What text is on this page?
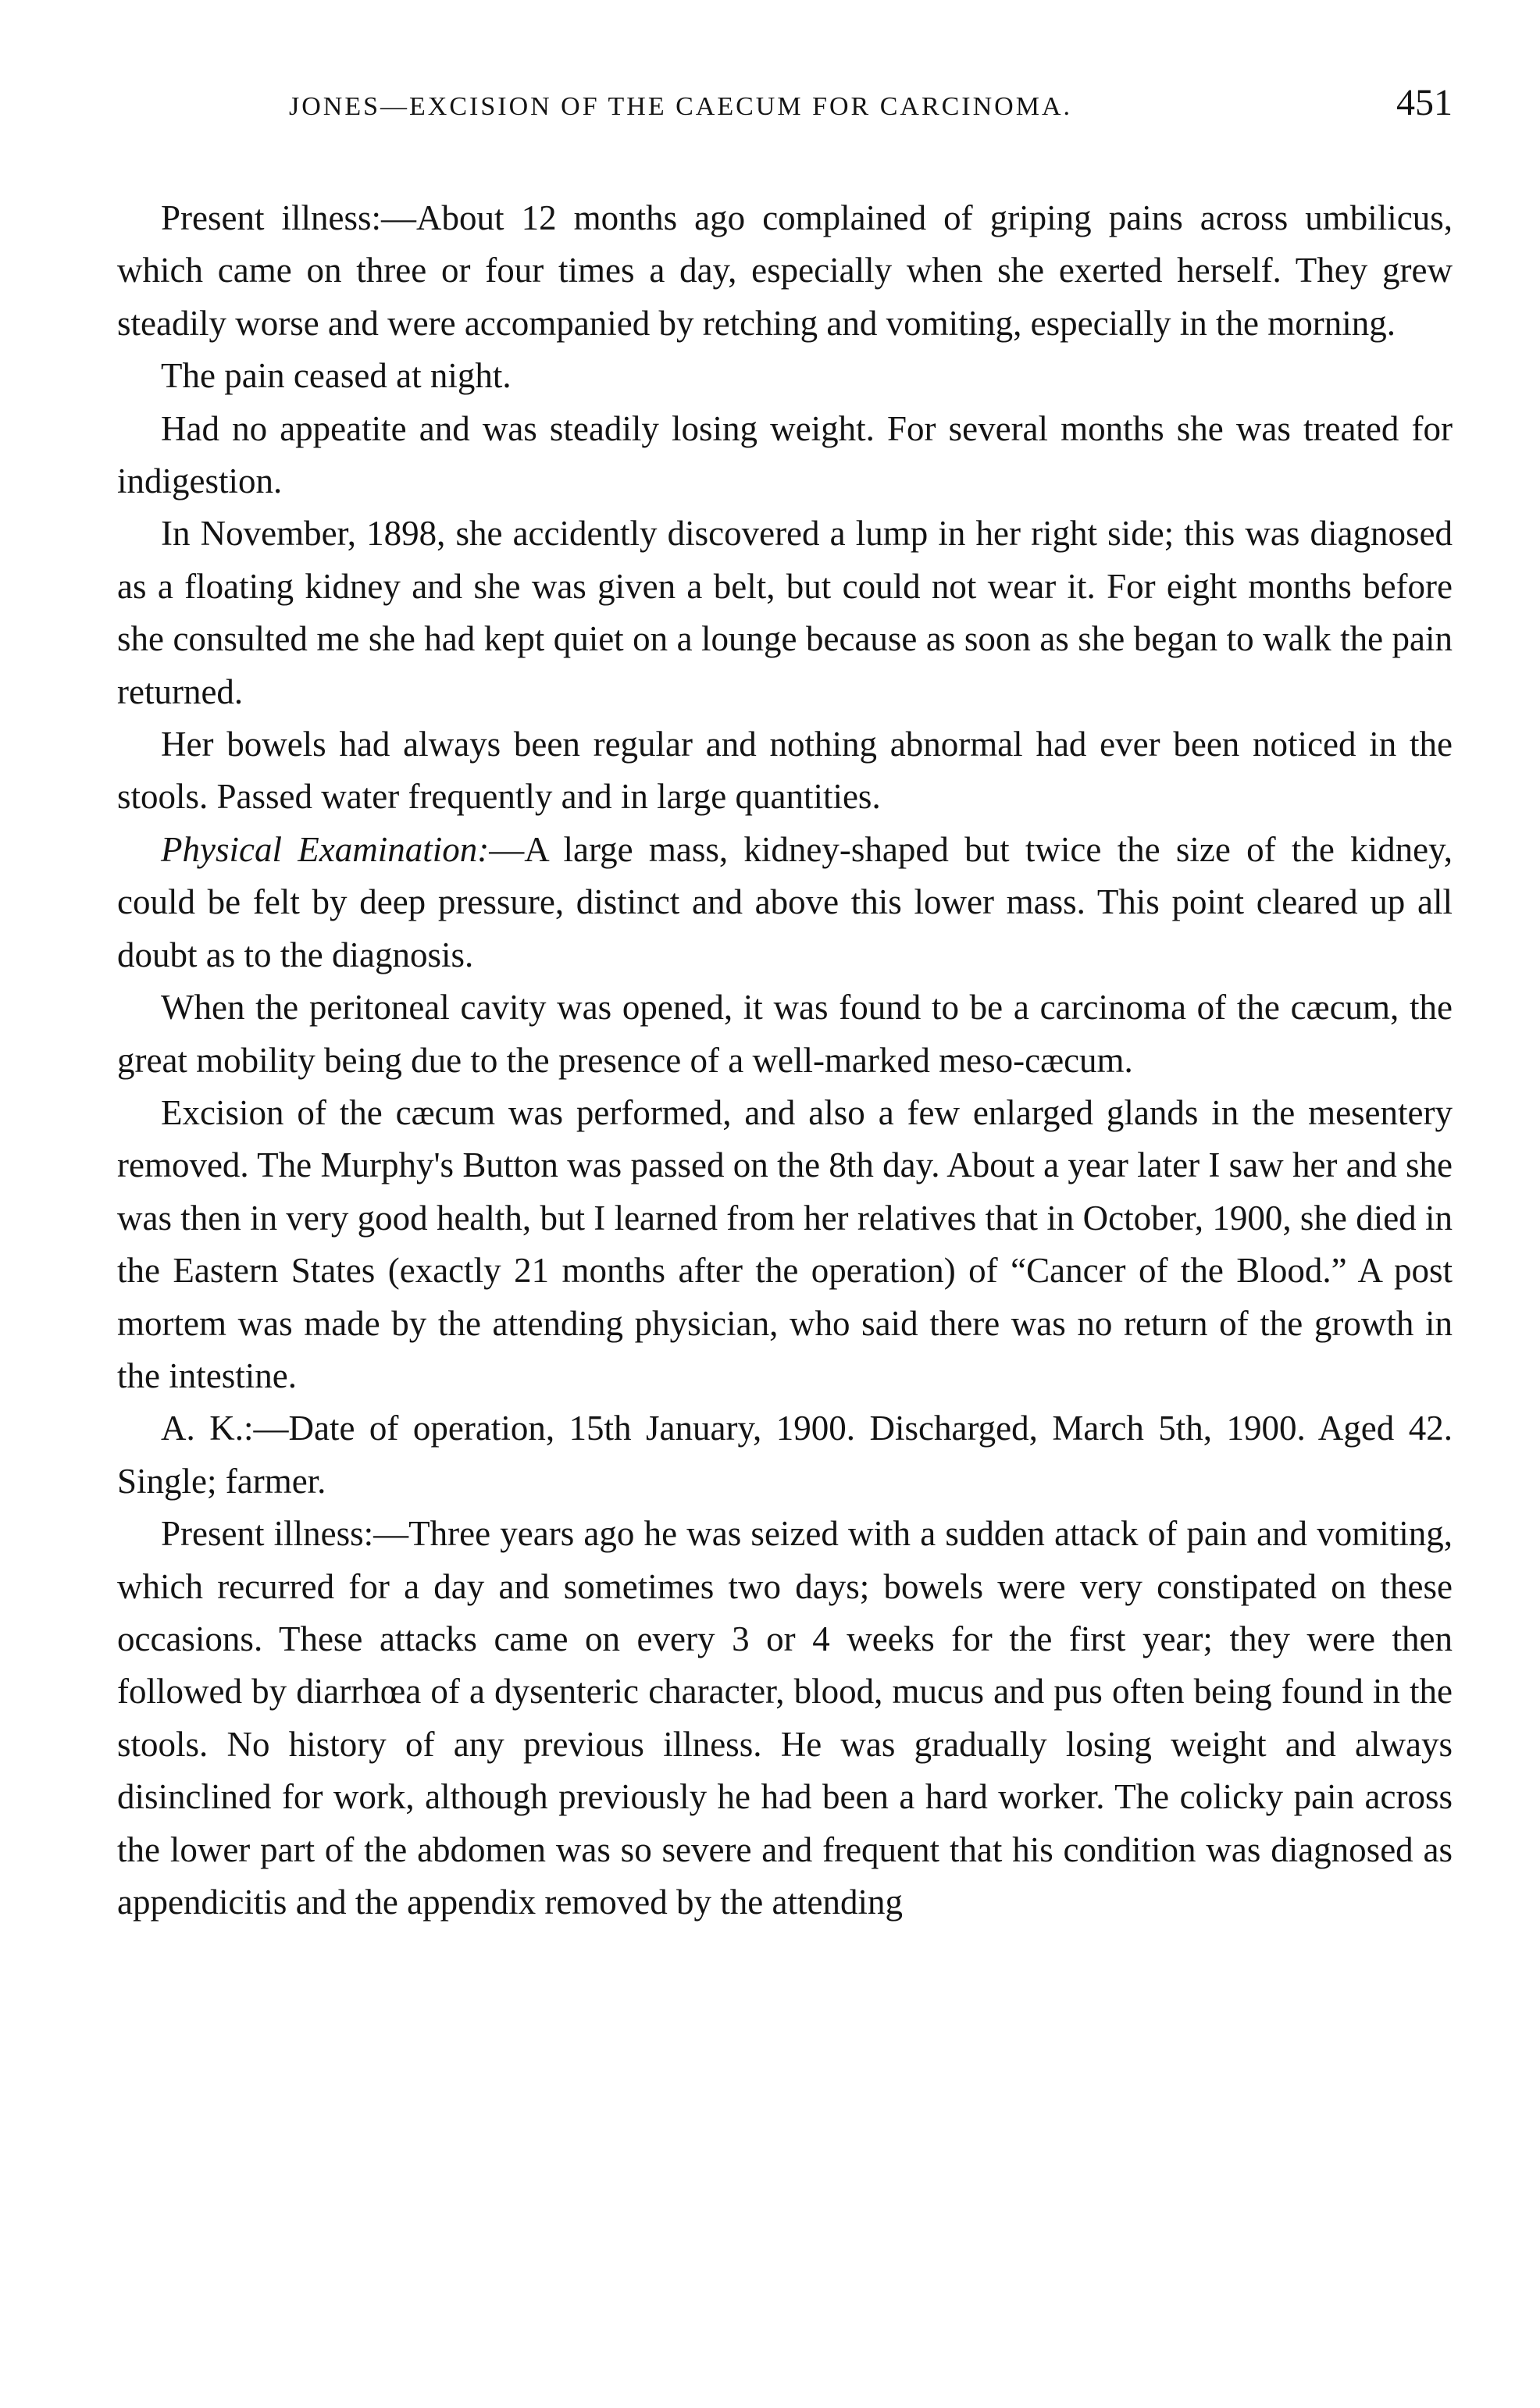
JONES—EXCISION OF THE CAECUM FOR CARCINOMA.	451

Present illness:—About 12 months ago complained of griping pains across umbilicus, which came on three or four times a day, especially when she exerted herself. They grew steadily worse and were accompanied by retching and vomiting, especially in the morning.

The pain ceased at night.

Had no appeatite and was steadily losing weight. For several months she was treated for indigestion.

In November, 1898, she accidently discovered a lump in her right side; this was diagnosed as a floating kidney and she was given a belt, but could not wear it. For eight months before she consulted me she had kept quiet on a lounge because as soon as she began to walk the pain returned.

Her bowels had always been regular and nothing abnormal had ever been noticed in the stools. Passed water frequently and in large quantities.

Physical Examination:—A large mass, kidney-shaped but twice the size of the kidney, could be felt by deep pressure, distinct and above this lower mass. This point cleared up all doubt as to the diagnosis.

When the peritoneal cavity was opened, it was found to be a carcinoma of the cæcum, the great mobility being due to the presence of a well-marked meso-cæcum.

Excision of the cæcum was performed, and also a few enlarged glands in the mesentery removed. The Murphy's Button was passed on the 8th day. About a year later I saw her and she was then in very good health, but I learned from her relatives that in October, 1900, she died in the Eastern States (exactly 21 months after the operation) of “Cancer of the Blood.” A post mortem was made by the attending physician, who said there was no return of the growth in the intestine.

A. K.:—Date of operation, 15th January, 1900. Discharged, March 5th, 1900. Aged 42. Single; farmer.

Present illness:—Three years ago he was seized with a sudden attack of pain and vomiting, which recurred for a day and sometimes two days; bowels were very constipated on these occasions. These attacks came on every 3 or 4 weeks for the first year; they were then followed by diarrhœa of a dysenteric character, blood, mucus and pus often being found in the stools. No history of any previous illness. He was gradually losing weight and always disinclined for work, although previously he had been a hard worker. The colicky pain across the lower part of the abdomen was so severe and frequent that his condition was diagnosed as appendicitis and the appendix removed by the attending
